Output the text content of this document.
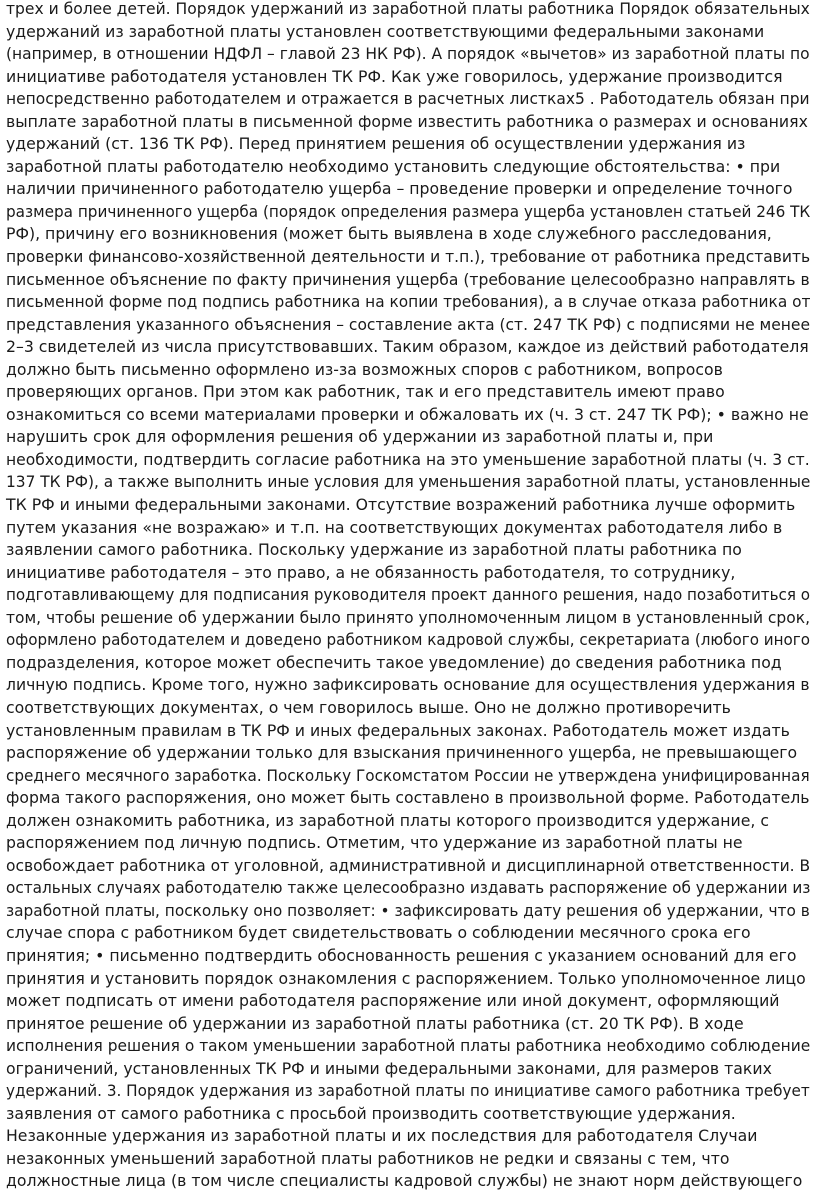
трех и более детей. Порядок удержаний из заработной платы работника Порядок обязательных
удержаний из заработной платы установлен соответствующими федеральными законами
(например, в отношении НДФЛ – главой 23 НК РФ). А порядок «вычетов» из заработной платы по
инициативе работодателя установлен ТК РФ. Как уже говорилось, удержание производится
непосредственно работодателем и отражается в расчетных листках5 . Работодатель обязан при
выплате заработной платы в письменной форме известить работника о размерах и основаниях
удержаний (ст. 136 ТК РФ). Перед принятием решения об осуществлении удержания из
заработной платы работодателю необходимо установить следующие обстоятельства: • при
наличии причиненного работодателю ущерба – проведение проверки и определение точного
размера причиненного ущерба (порядок определения размера ущерба установлен статьей 246 ТК
РФ), причину его возникновения (может быть выявлена в ходе служебного расследования,
проверки финансово-хозяйственной деятельности и т.п.), требование от работника представить
письменное объяснение по факту причинения ущерба (требование целесообразно направлять в
письменной форме под подпись работника на копии требования), а в случае отказа работника от
представления указанного объяснения – составление акта (ст. 247 ТК РФ) с подписями не менее
2–3 свидетелей из числа присутствовавших. Таким образом, каждое из действий работодателя
должно быть письменно оформлено из-за возможных споров с работником, вопросов
проверяющих органов. При этом как работник, так и его представитель имеют право
ознакомиться со всеми материалами проверки и обжаловать их (ч. 3 ст. 247 ТК РФ); • важно не
нарушить срок для оформления решения об удержании из заработной платы и, при
необходимости, подтвердить согласие работника на это уменьшение заработной платы (ч. 3 ст.
137 ТК РФ), а также выполнить иные условия для уменьшения заработной платы, установленные
ТК РФ и иными федеральными законами. Отсутствие возражений работника лучше оформить
путем указания «не возражаю» и т.п. на соответствующих документах работодателя либо в
заявлении самого работника. Поскольку удержание из заработной платы работника по
инициативе работодателя – это право, а не обязанность работодателя, то сотруднику,
подготавливающему для подписания руководителя проект данного решения, надо позаботиться о
том, чтобы решение об удержании было принято уполномоченным лицом в установленный срок,
оформлено работодателем и доведено работником кадровой службы, секретариата (любого иного
подразделения, которое может обеспечить такое уведомление) до сведения работника под
личную подпись. Кроме того, нужно зафиксировать основание для осуществления удержания в
соответствующих документах, о чем говорилось выше. Оно не должно противоречить
установленным правилам в ТК РФ и иных федеральных законах. Работодатель может издать
распоряжение об удержании только для взыскания причиненного ущерба, не превышающего
среднего месячного заработка. Поскольку Госкомстатом России не утверждена унифицированная
форма такого распоряжения, оно может быть составлено в произвольной форме. Работодатель
должен ознакомить работника, из заработной платы которого производится удержание, с
распоряжением под личную подпись. Отметим, что удержание из заработной платы не
освобождает работника от уголовной, административной и дисциплинарной ответственности. В
остальных случаях работодателю также целесообразно издавать распоряжение об удержании из
заработной платы, поскольку оно позволяет: • зафиксировать дату решения об удержании, что в
случае спора с работником будет свидетельствовать о соблюдении месячного срока его
принятия; • письменно подтвердить обоснованность решения с указанием оснований для его
принятия и установить порядок ознакомления с распоряжением. Только уполномоченное лицо
может подписать от имени работодателя распоряжение или иной документ, оформляющий
принятое решение об удержании из заработной платы работника (ст. 20 ТК РФ). В ходе
исполнения решения о таком уменьшении заработной платы работника необходимо соблюдение
ограничений, установленных ТК РФ и иными федеральными законами, для размеров таких
удержаний. 3. Порядок удержания из заработной платы по инициативе самого работника требует
заявления от самого работника с просьбой производить соответствующие удержания.
Незаконные удержания из заработной платы и их последствия для работодателя Случаи
незаконных уменьшений заработной платы работников не редки и связаны с тем, что
должностные лица (в том числе специалисты кадровой службы) не знают норм действующего
